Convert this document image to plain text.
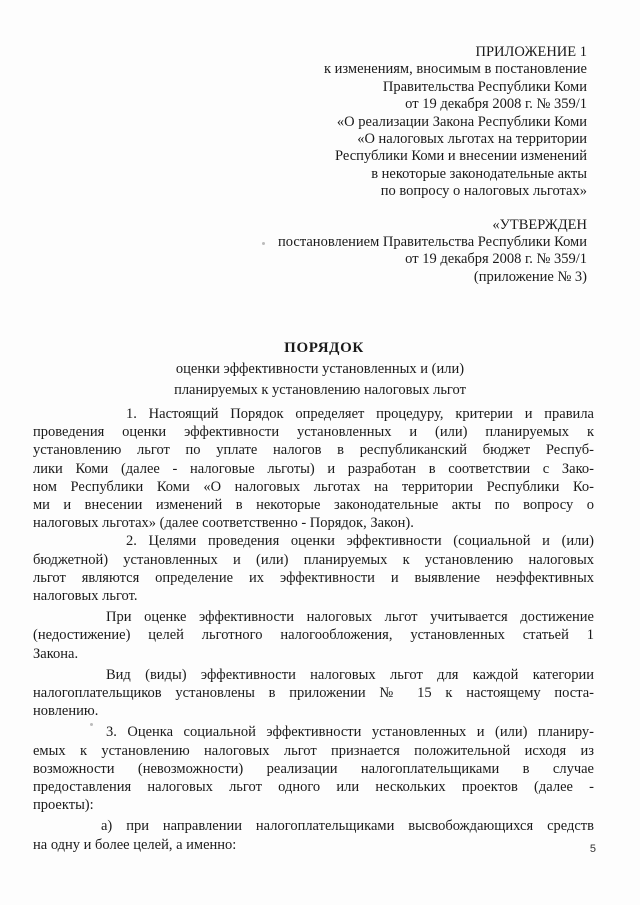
ПРИЛОЖЕНИЕ 1
к изменениям, вносимым в постановление
Правительства Республики Коми
от 19 декабря 2008 г. № 359/1
«О реализации Закона Республики Коми
«О налоговых льготах на территории
Республики Коми и внесении изменений
в некоторые законодательные акты
по вопросу о налоговых льготах»
«УТВЕРЖДЕН
постановлением Правительства Республики Коми
от 19 декабря 2008 г. № 359/1
(приложение № 3)
ПОРЯДОК
оценки эффективности установленных и (или)
планируемых к установлению налоговых льгот

1. Настоящий Порядок определяет процедуру, критерии и правила
проведения оценки эффективности установленных и (или) планируемых к
установлению льгот по уплате налогов в республиканский бюджет Респуб-
лики Коми (далее - налоговые льготы) и разработан в соответствии с Зако-
ном Республики Коми «О налоговых льготах на территории Республики Ко-
ми и внесении изменений в некоторые законодательные акты по вопросу о
налоговых льготах» (далее соответственно - Порядок, Закон).

2. Целями проведения оценки эффективности (социальной и (или)
бюджетной) установленных и (или) планируемых к установлению налоговых
льгот являются определение их эффективности и выявление неэффективных
налоговых льгот.

При оценке эффективности налоговых льгот учитывается достижение
(недостижение) целей льготного налогообложения, установленных статьей 1
Закона.

Вид (виды) эффективности налоговых льгот для каждой категории
налогоплательщиков установлены в приложении № 15 к настоящему поста-
новлению.

3. Оценка социальной эффективности установленных и (или) планиру-
емых к установлению налоговых льгот признается положительной исходя из
возможности (невозможности) реализации налогоплательщиками в случае
предоставления налоговых льгот одного или нескольких проектов (далее -
проекты):

а) при направлении налогоплательщиками высвобождающихся средств
на одну и более целей, а именно:	5
